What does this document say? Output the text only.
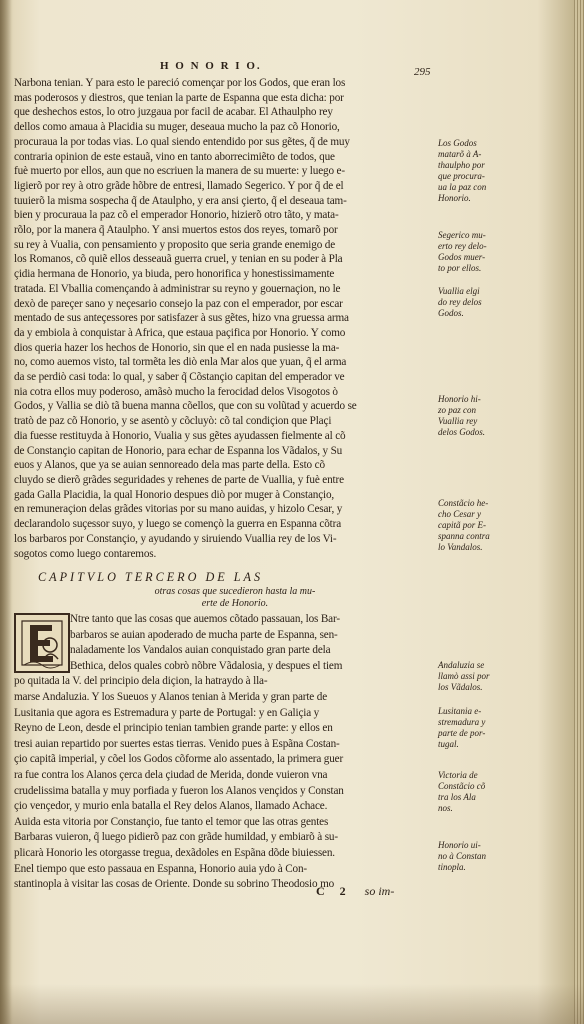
H O N O R I O.	295
Narbona tenian. Y para esto le pareció començar por los Godos, que eran los
mas poderosos y diestros, que tenian la parte de Espanna que esta dicha: por
que deshechos estos, lo otro juzgaua por facil de acabar. El Athaulpho rey
dellos como amaua à Placidia su muger, deseaua mucho la paz cõ Honorio,
procuraua la por todas vias. Lo qual siendo entendido por sus gẽtes, q̃ de muy
contraria opinion de este estauã, vino en tanto aborrecimiẽto de todos, que
fuè muerto por ellos, aun que no escriuen la manera de su muerte: y luego e-
ligierõ por rey à otro grãde hõbre de entresi, llamado Segerico. Y por q̃ de el
tuuierõ la misma sospecha q̃ de Ataulpho, y era ansi çierto, q̃ el deseaua tam-
bien y procuraua la paz cõ el emperador Honorio, hizierõ otro tãto, y mata-
rõlo, por la manera q̃ Ataulpho. Y ansi muertos estos dos reyes, tomarõ por
su rey à Vualia, con pensamiento y proposito que seria grande enemigo de
los Romanos, cõ quiẽ ellos desseauã guerra cruel, y tenian en su poder à Pla
çidia hermana de Honorio, ya biuda, pero honorifica y honestissimamente
tratada. El Vballia començando à administrar su reyno y gouernaçion, no le
dexò de pareçer sano y neçesario consejo la paz con el emperador, por escar
mentado de sus anteçessores por satisfazer à sus gẽtes, hizo vna gruessa arma
da y embiola à conquistar à Africa, que estaua paçifica por Honorio. Y como
dios queria hazer los hechos de Honorio, sin que el en nada pusiesse la ma-
no, como auemos visto, tal tormẽta les diò enla Mar alos que yuan, q̃ el arma
da se perdiò casi toda: lo qual, y saber q̃ Cõstançio capitan del emperador ve
nia cotra ellos muy poderoso, amãsò mucho la ferocidad delos Visogotos ò
Godos, y Vallia se diò tã buena manna cõellos, que con su volũtad y acuerdo se
tratò de paz cõ Honorio, y se asentò y cõcluyò: cõ tal condiçion que Plaçi
dia fuesse restituyda à Honorio, Vualia y sus gẽtes ayudassen fielmente al cõ
de Constançio capitan de Honorio, para echar de Espanna los Vãdalos, y Su
euos y Alanos, que ya se auian sennoreado dela mas parte della. Esto cõ
cluydo se dierõ grãdes seguridades y rehenes de parte de Vuallia, y fuè entre
gada Galla Placidia, la qual Honorio despues diò por muger à Constançio,
en remuneraçion delas grãdes vitorias por su mano auidas, y hizolo Cesar, y
declarandolo suçessor suyo, y luego se començò la guerra en Espanna cõtra
los barbaros por Constançio, y ayudando y siruiendo Vuallia rey de los Vi-
sogotos como luego contaremos.
CAPITVLO TERCERO DE LAS
otras cosas que sucedieron hasta la mu-
erte de Honorio.
Ntre tanto que las cosas que auemos cõtado passauan, los Bar-
barbaros se auian apoderado de mucha parte de Espanna, sen-
naladamente los Vandalos auian conquistado gran parte dela
Bethica, delos quales cobrò nõbre Vãdalosia, y despues el tiem
po quitada la V. del principio dela diçion, la hatraydo à lla-
marse Andaluzia. Y los Sueuos y Alanos tenian à Merida y gran parte de
Lusitania que agora es Estremadura y parte de Portugal: y en Galiçia y
Reyno de Leon, desde el principio tenian tambien grande parte: y ellos en
tresi auian repartido por suertes estas tierras. Venido pues à Espãna Costan-
çio capitã imperial, y cõel los Godos cõforme alo assentado, la primera guer
ra fue contra los Alanos çerca dela çiudad de Merida, donde vuieron vna
crudelissima batalla y muy porfiada y fueron los Alanos vençidos y Constan
çio vençedor, y murio enla batalla el Rey delos Alanos, llamado Achace.
Auida esta vitoria por Constançio, fue tanto el temor que las otras gentes
Barbaras vuieron, q̃ luego pidierõ paz con grãde humildad, y embiarõ à su-
plicarà Honorio les otorgasse tregua, dexãdoles en Espãna dõde biuiessen.
Enel tiempo que esto passaua en Espanna, Honorio auia ydo à Con-
stantinopla à visitar las cosas de Oriente. Donde su sobrino Theodosio mo
Los Godos
matarõ à A-
thaulpho por
que procura-
ua la paz con
Honorio.
Segerico mu-
erto rey delo-
Godos muer-
to por ellos.
Vuallia elgi
do rey delos
Godos.
Honorio hi-
zo paz con
Vuallia rey
delos Godos.
Constãcio he-
cho Cesar y
capitã por E-
spanna contra
lo Vandalos.
Andaluzia se
llamò assi por
los Vãdalos.
Lusitania e-
stremadura y
parte de por-
tugal.
Victoria de
Constãcio cõ
tra los Ala
nos.
Honorio ui-
no à Constan
tinopla.
C 2 so im-
